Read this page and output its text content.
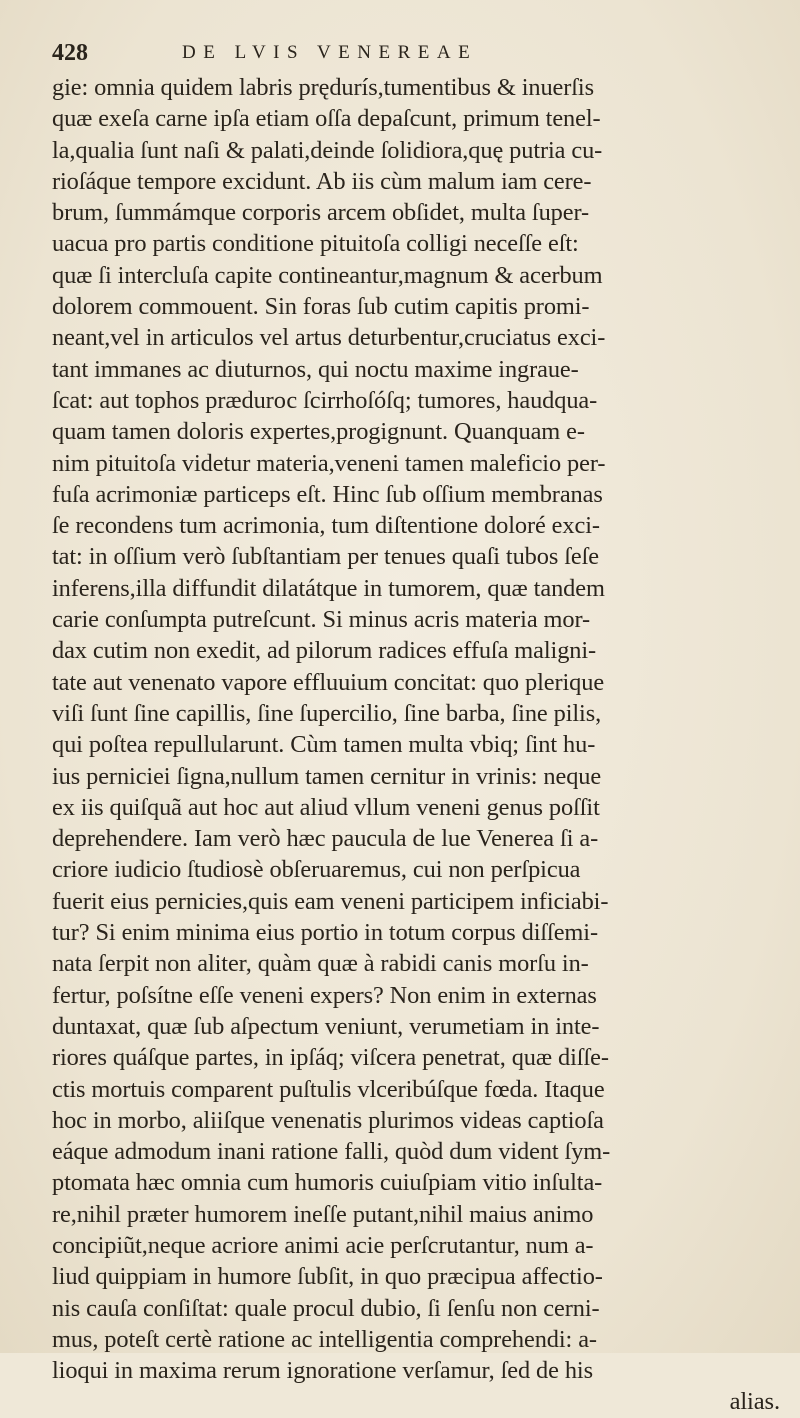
428	DE LVIS VENEREAE
gie: omnia quidem labris prędurís,tumentibus & inuerſis
quæ exeſa carne ipſa etiam oſſa depaſcunt, primum tenel-
la,qualia ſunt naſi & palati,deinde ſolidiora,quę putria cu-
rioſáque tempore excidunt. Ab iis cùm malum iam cere-
brum, ſummámque corporis arcem obſidet, multa ſuper-
uacua pro partis conditione pituitoſa colligi neceſſe eſt:
quæ ſi intercluſa capite contineantur,magnum & acerbum
dolorem commouent. Sin foras ſub cutim capitis promi-
neant,vel in articulos vel artus deturbentur,cruciatus exci-
tant immanes ac diuturnos, qui noctu maxime ingraue-
ſcat: aut tophos prædurос ſcirrhoſóſq; tumores, haudqua-
quam tamen doloris expertes,progignunt. Quanquam e-
nim pituitoſa videtur materia,veneni tamen maleficio per-
fuſa acrimoniæ particeps eſt. Hinc ſub oſſium membranas
ſe recondens tum acrimonia, tum diſtentione doloré exci-
tat: in oſſium verò ſubſtantiam per tenues quaſi tubos ſeſe
inferens,illa diffundit dilatátque in tumorem, quæ tandem
carie conſumpta putreſcunt. Si minus acris materia mor-
dax cutim non exedit, ad pilorum radices effuſa maligni-
tate aut venenato vapore effluuium concitat: quo plerique
viſi ſunt ſine capillis, ſine ſupercilio, ſine barba, ſine pilis,
qui poſtea repullularunt. Cùm tamen multa vbiq; ſint hu-
ius perniciei ſigna,nullum tamen cernitur in vrinis: neque
ex iis quiſquã aut hoc aut aliud vllum veneni genus poſſit
deprehendere. Iam verò hæc paucula de lue Venerea ſi a-
criore iudicio ſtudiosè obſeruaremus, cui non perſpicua
fuerit eius pernicies,quis eam veneni participem inficiabi-
tur? Si enim minima eius portio in totum corpus diſſemi-
nata ſerpit non aliter, quàm quæ à rabidi canis morſu in-
fertur, poſsítne eſſe veneni expers? Non enim in externas
duntaxat, quæ ſub aſpectum veniunt, verumetiam in inte-
riores quáſque partes, in ipſáq; viſcera penetrat, quæ diſſe-
ctis mortuis comparent puſtulis vlceribúſque fœda. Itaque
hoc in morbo, aliiſque venenatis plurimos videas captioſa
eáque admodum inani ratione falli, quòd dum vident ſym-
ptomata hæc omnia cum humoris cuiuſpiam vitio inſulta-
re,nihil præter humorem ineſſe putant,nihil maius animo
concipiũt,neque acriore animi acie perſcrutantur, num a-
liud quippiam in humore ſubſit, in quo præcipua affectio-
nis cauſa conſiſtat: quale procul dubio, ſi ſenſu non cerni-
mus, poteſt certè ratione ac intelligentia comprehendi: a-
lioqui in maxima rerum ignoratione verſamur, ſed de his
alias.
